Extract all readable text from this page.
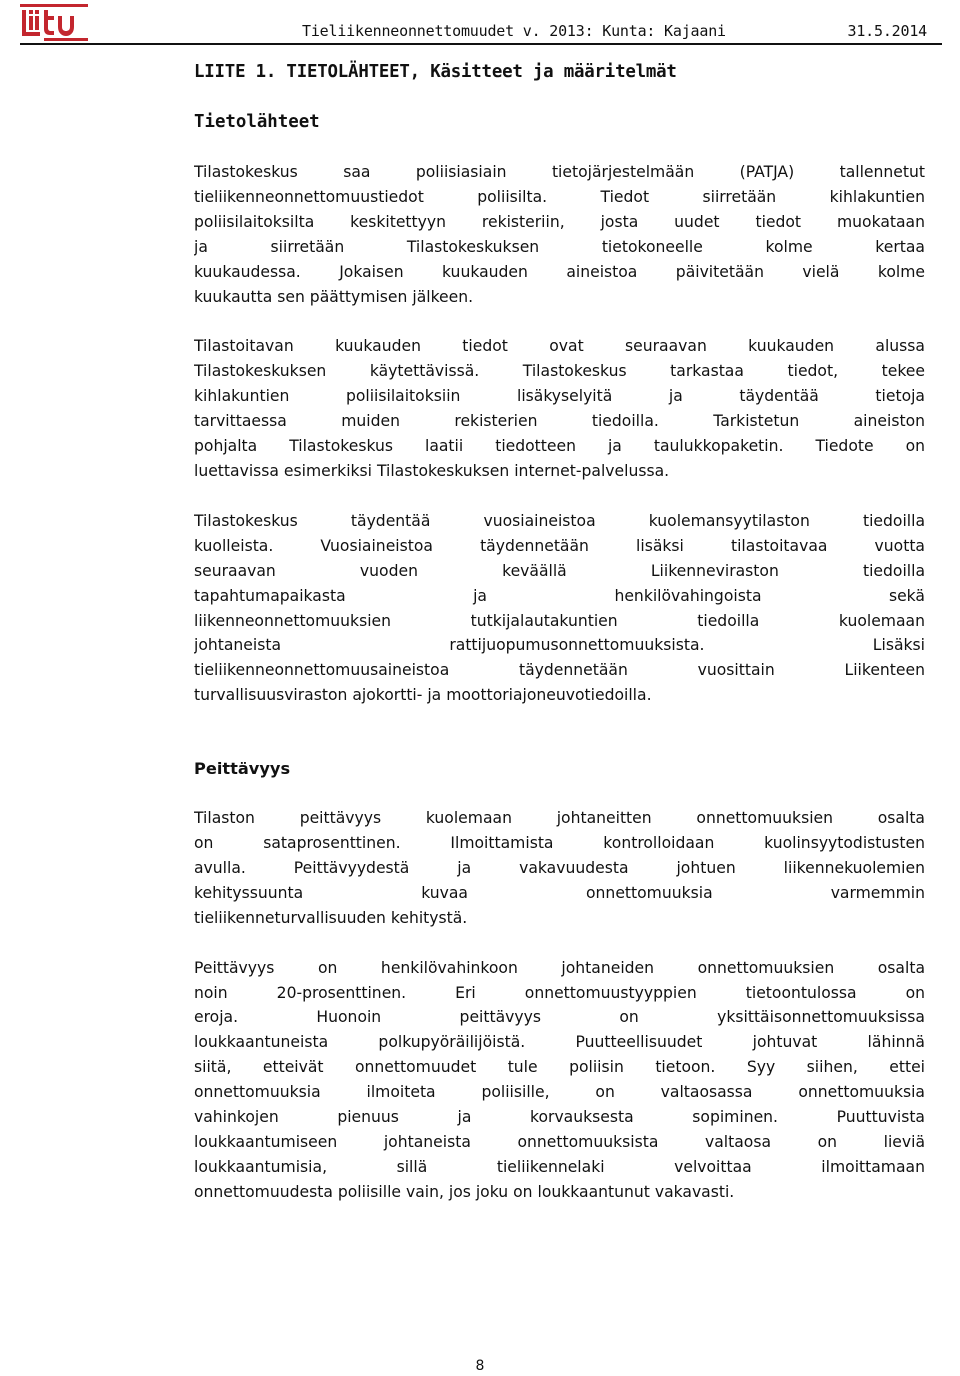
Tieliikenneonnettomuudet v. 2013: Kunta: Kajaani	31.5.2014
LIITE 1. TIETOLÄHTEET, Käsitteet ja määritelmät
Tietolähteet

Tilastokeskus saa poliisiasiain tietojärjestelmään (PATJA) tallennetut
tieliikenneonnettomuustiedot poliisilta. Tiedot siirretään kihlakuntien
poliisilaitoksilta keskitettyyn rekisteriin, josta uudet tiedot muokataan
ja siirretään Tilastokeskuksen tietokoneelle kolme kertaa
kuukaudessa. Jokaisen kuukauden aineistoa päivitetään vielä kolme
kuukautta sen päättymisen jälkeen.

Tilastoitavan kuukauden tiedot ovat seuraavan kuukauden alussa
Tilastokeskuksen käytettävissä. Tilastokeskus tarkastaa tiedot, tekee
kihlakuntien poliisilaitoksiin lisäkyselyitä ja täydentää tietoja
tarvittaessa muiden rekisterien tiedoilla. Tarkistetun aineiston
pohjalta Tilastokeskus laatii tiedotteen ja taulukkopaketin. Tiedote on
luettavissa esimerkiksi Tilastokeskuksen internet-palvelussa.

Tilastokeskus täydentää vuosiaineistoa kuolemansyytilaston tiedoilla
kuolleista. Vuosiaineistoa täydennetään lisäksi tilastoitavaa vuotta
seuraavan vuoden keväällä Liikenneviraston tiedoilla
tapahtumapaikasta ja henkilövahingoista sekä
liikenneonnettomuuksien tutkijalautakuntien tiedoilla kuolemaan
johtaneista rattijuopumusonnettomuuksista. Lisäksi
tieliikenneonnettomuusaineistoa täydennetään vuosittain Liikenteen
turvallisuusviraston ajokortti- ja moottoriajoneuvotiedoilla.

Peittävyys

Tilaston peittävyys kuolemaan johtaneitten onnettomuuksien osalta
on sataprosenttinen. Ilmoittamista kontrolloidaan kuolinsyytodistusten
avulla. Peittävyydestä ja vakavuudesta johtuen liikennekuolemien
kehityssuunta kuvaa onnettomuuksia varmemmin
tieliikenneturvallisuuden kehitystä.

Peittävyys on henkilövahinkoon johtaneiden onnettomuuksien osalta
noin 20-prosenttinen. Eri onnettomuustyyppien tietoontulossa on
eroja. Huonoin peittävyys on yksittäisonnettomuuksissa
loukkaantuneista polkupyöräilijöistä. Puutteellisuudet johtuvat lähinnä
siitä, etteivät onnettomuudet tule poliisin tietoon. Syy siihen, ettei
onnettomuuksia ilmoiteta poliisille, on valtaosassa onnettomuuksia
vahinkojen pienuus ja korvauksesta sopiminen. Puuttuvista
loukkaantumiseen johtaneista onnettomuuksista valtaosa on lieviä
loukkaantumisia, sillä tieliikennelaki velvoittaa ilmoittamaan
onnettomuudesta poliisille vain, jos joku on loukkaantunut vakavasti.

8
